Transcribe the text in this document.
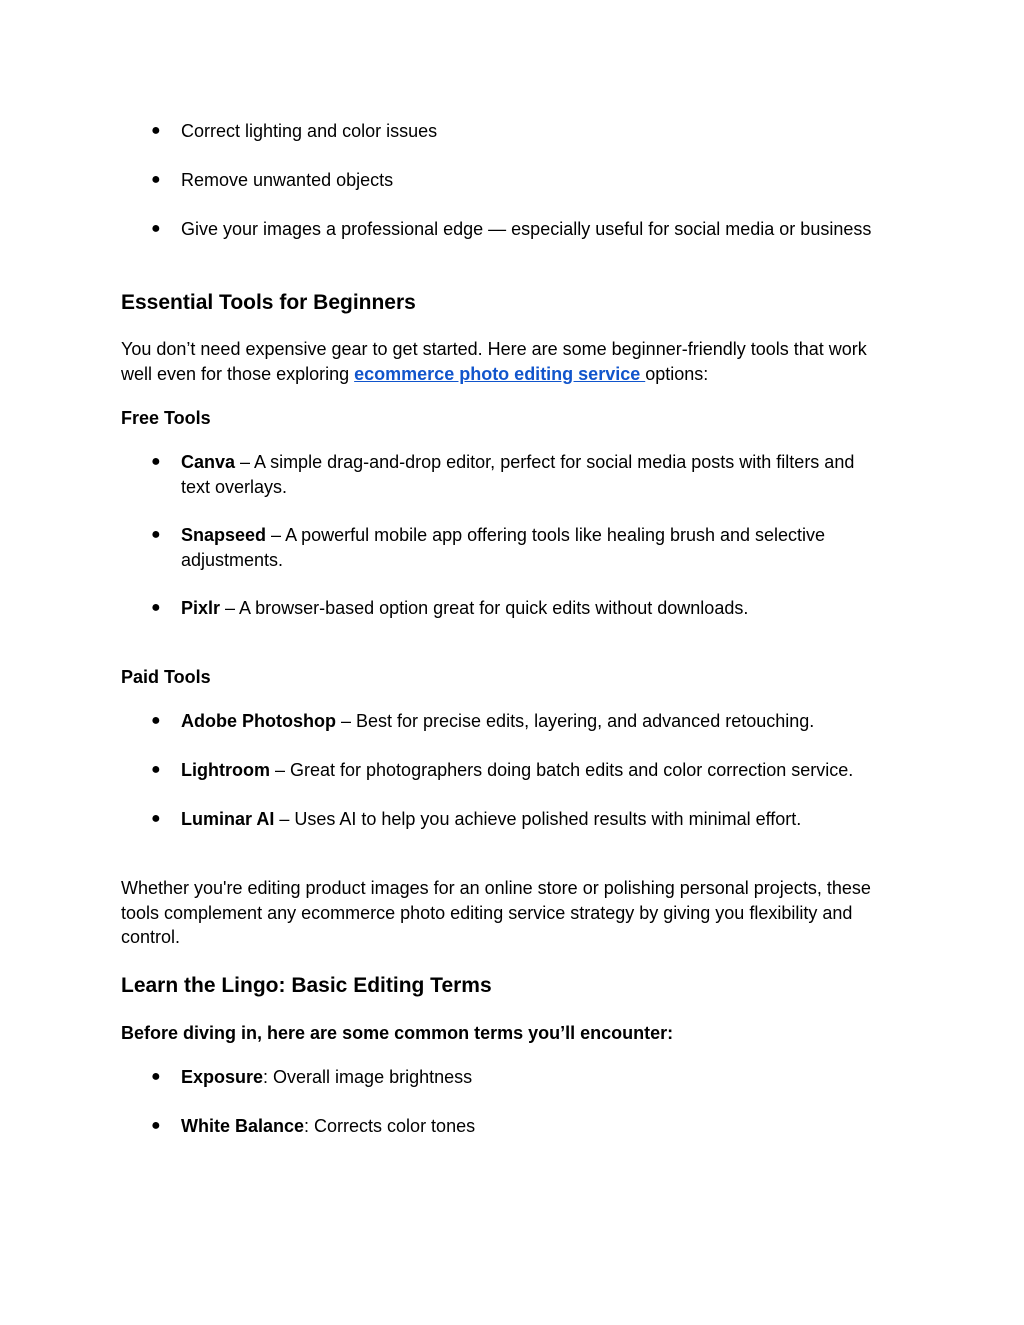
● Correct lighting and color issues

● Remove unwanted objects

● Give your images a professional edge — especially useful for social media or business

Essential Tools for Beginners

You don’t need expensive gear to get started. Here are some beginner-friendly tools that work well even for those exploring ecommerce photo editing service options:

Free Tools

● Canva – A simple drag-and-drop editor, perfect for social media posts with filters and text overlays.

● Snapseed – A powerful mobile app offering tools like healing brush and selective adjustments.

● Pixlr – A browser-based option great for quick edits without downloads.

Paid Tools

● Adobe Photoshop – Best for precise edits, layering, and advanced retouching.

● Lightroom – Great for photographers doing batch edits and color correction service.

● Luminar AI – Uses AI to help you achieve polished results with minimal effort.

Whether you're editing product images for an online store or polishing personal projects, these tools complement any ecommerce photo editing service strategy by giving you flexibility and control.

Learn the Lingo: Basic Editing Terms

Before diving in, here are some common terms you’ll encounter:

● Exposure: Overall image brightness

● White Balance: Corrects color tones
